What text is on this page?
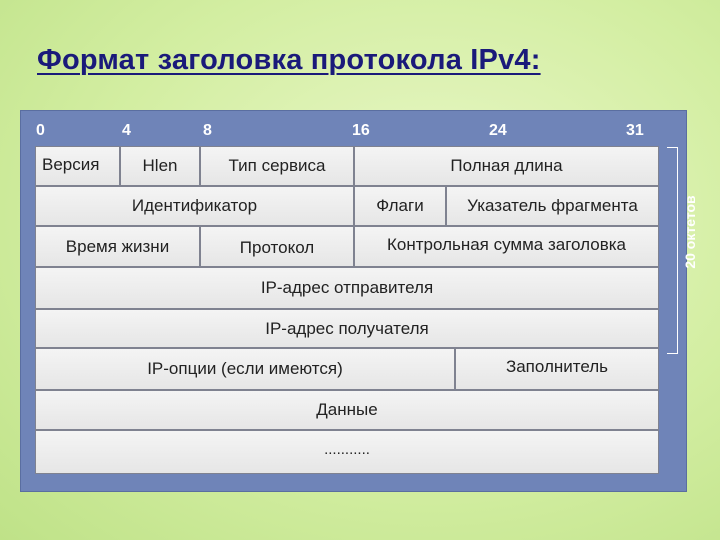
Формат заголовка протокола IPv4:
0	4	8	16	24	31
Версия	Hlen	Тип сервиса	Полная длина
Идентификатор	Флаги	Указатель фрагмента
Время жизни	Протокол	Контрольная сумма заголовка
IP-адрес отправителя
IP-адрес получателя
IP-опции (если имеются)	Заполнитель
Данные
...........
20 октетов
